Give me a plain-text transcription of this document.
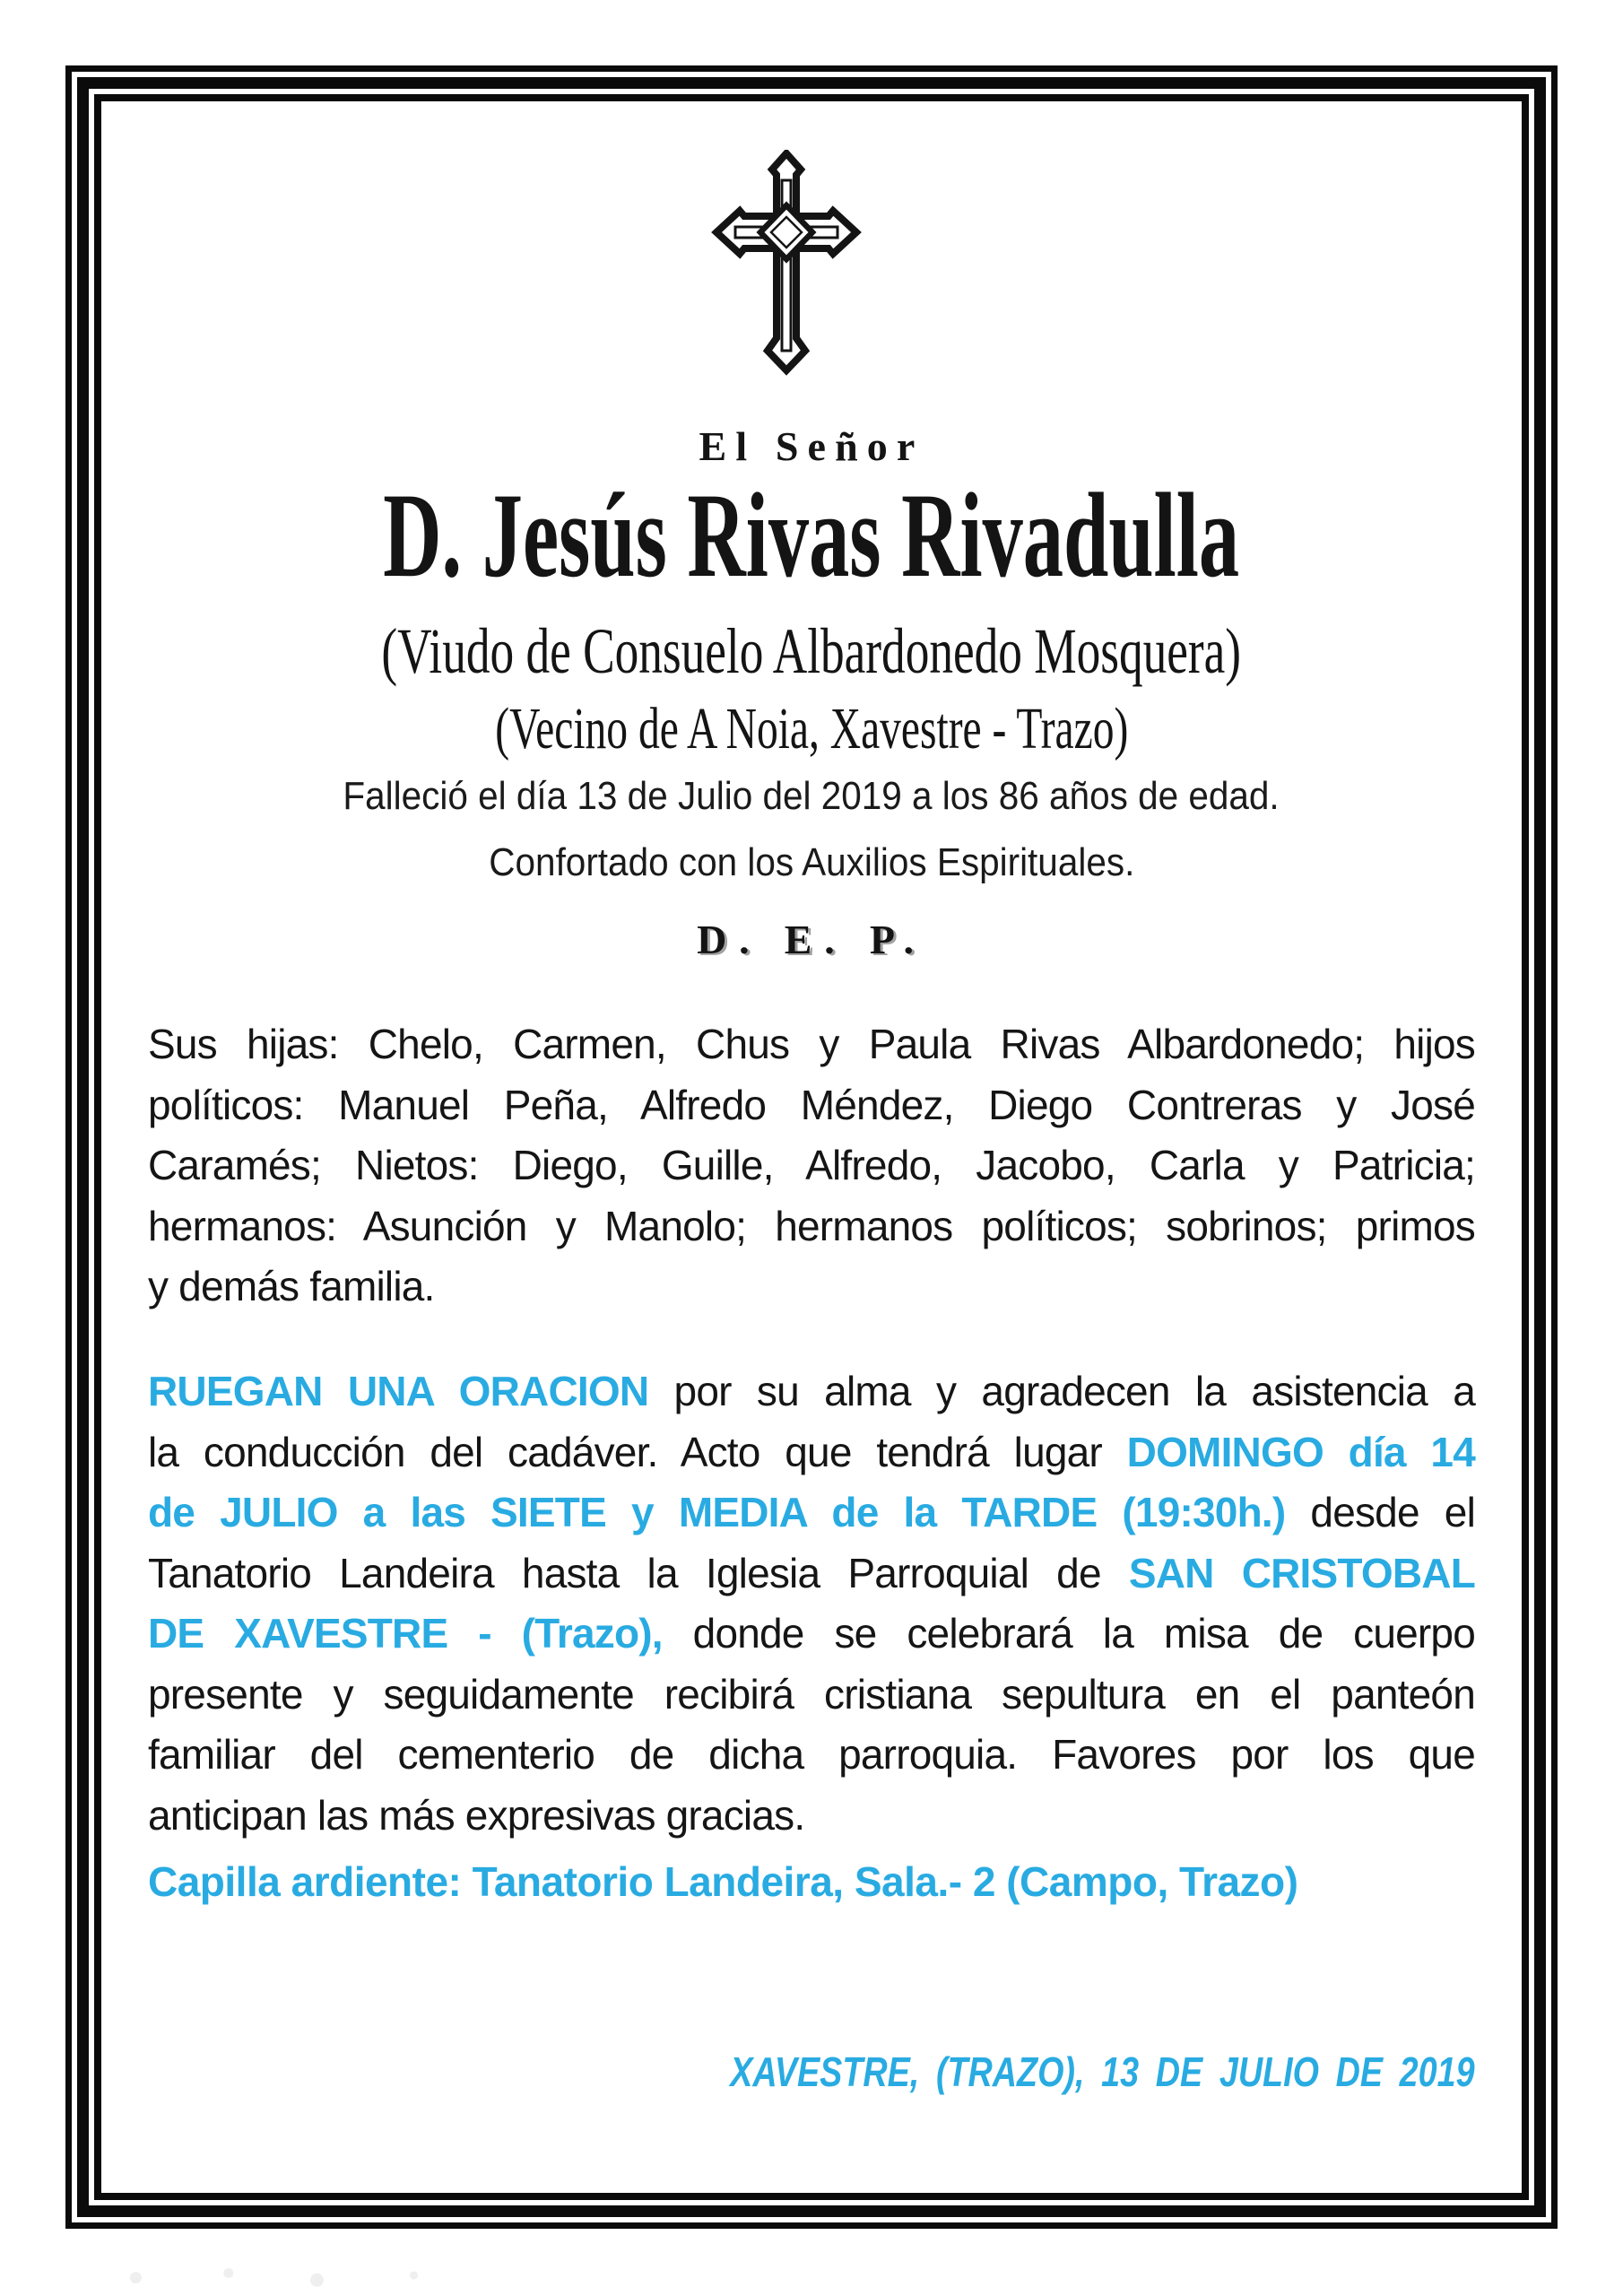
El Señor
D. Jesús Rivas Rivadulla
(Viudo de Consuelo Albardonedo Mosquera)
(Vecino de A Noia, Xavestre - Trazo)
Falleció el día 13 de Julio del 2019 a los 86 años de edad.
Confortado con los Auxilios Espirituales.
D. E. P.
Sus hijas: Chelo, Carmen, Chus y Paula Rivas Albardonedo; hijos
políticos: Manuel Peña, Alfredo Méndez, Diego Contreras y José
Caramés; Nietos: Diego, Guille, Alfredo, Jacobo, Carla y Patricia;
hermanos: Asunción y Manolo; hermanos políticos; sobrinos; primos
y demás familia.
RUEGAN UNA ORACION por su alma y agradecen la asistencia a
la conducción del cadáver. Acto que tendrá lugar DOMINGO día 14
de JULIO a las SIETE y MEDIA de la TARDE (19:30h.) desde el
Tanatorio Landeira hasta la Iglesia Parroquial de SAN CRISTOBAL
DE XAVESTRE - (Trazo), donde se celebrará la misa de cuerpo
presente y seguidamente recibirá cristiana sepultura en el panteón
familiar del cementerio de dicha parroquia. Favores por los que
anticipan las más expresivas gracias.
Capilla ardiente: Tanatorio Landeira, Sala.- 2 (Campo, Trazo)
XAVESTRE, (TRAZO), 13 DE JULIO DE 2019
